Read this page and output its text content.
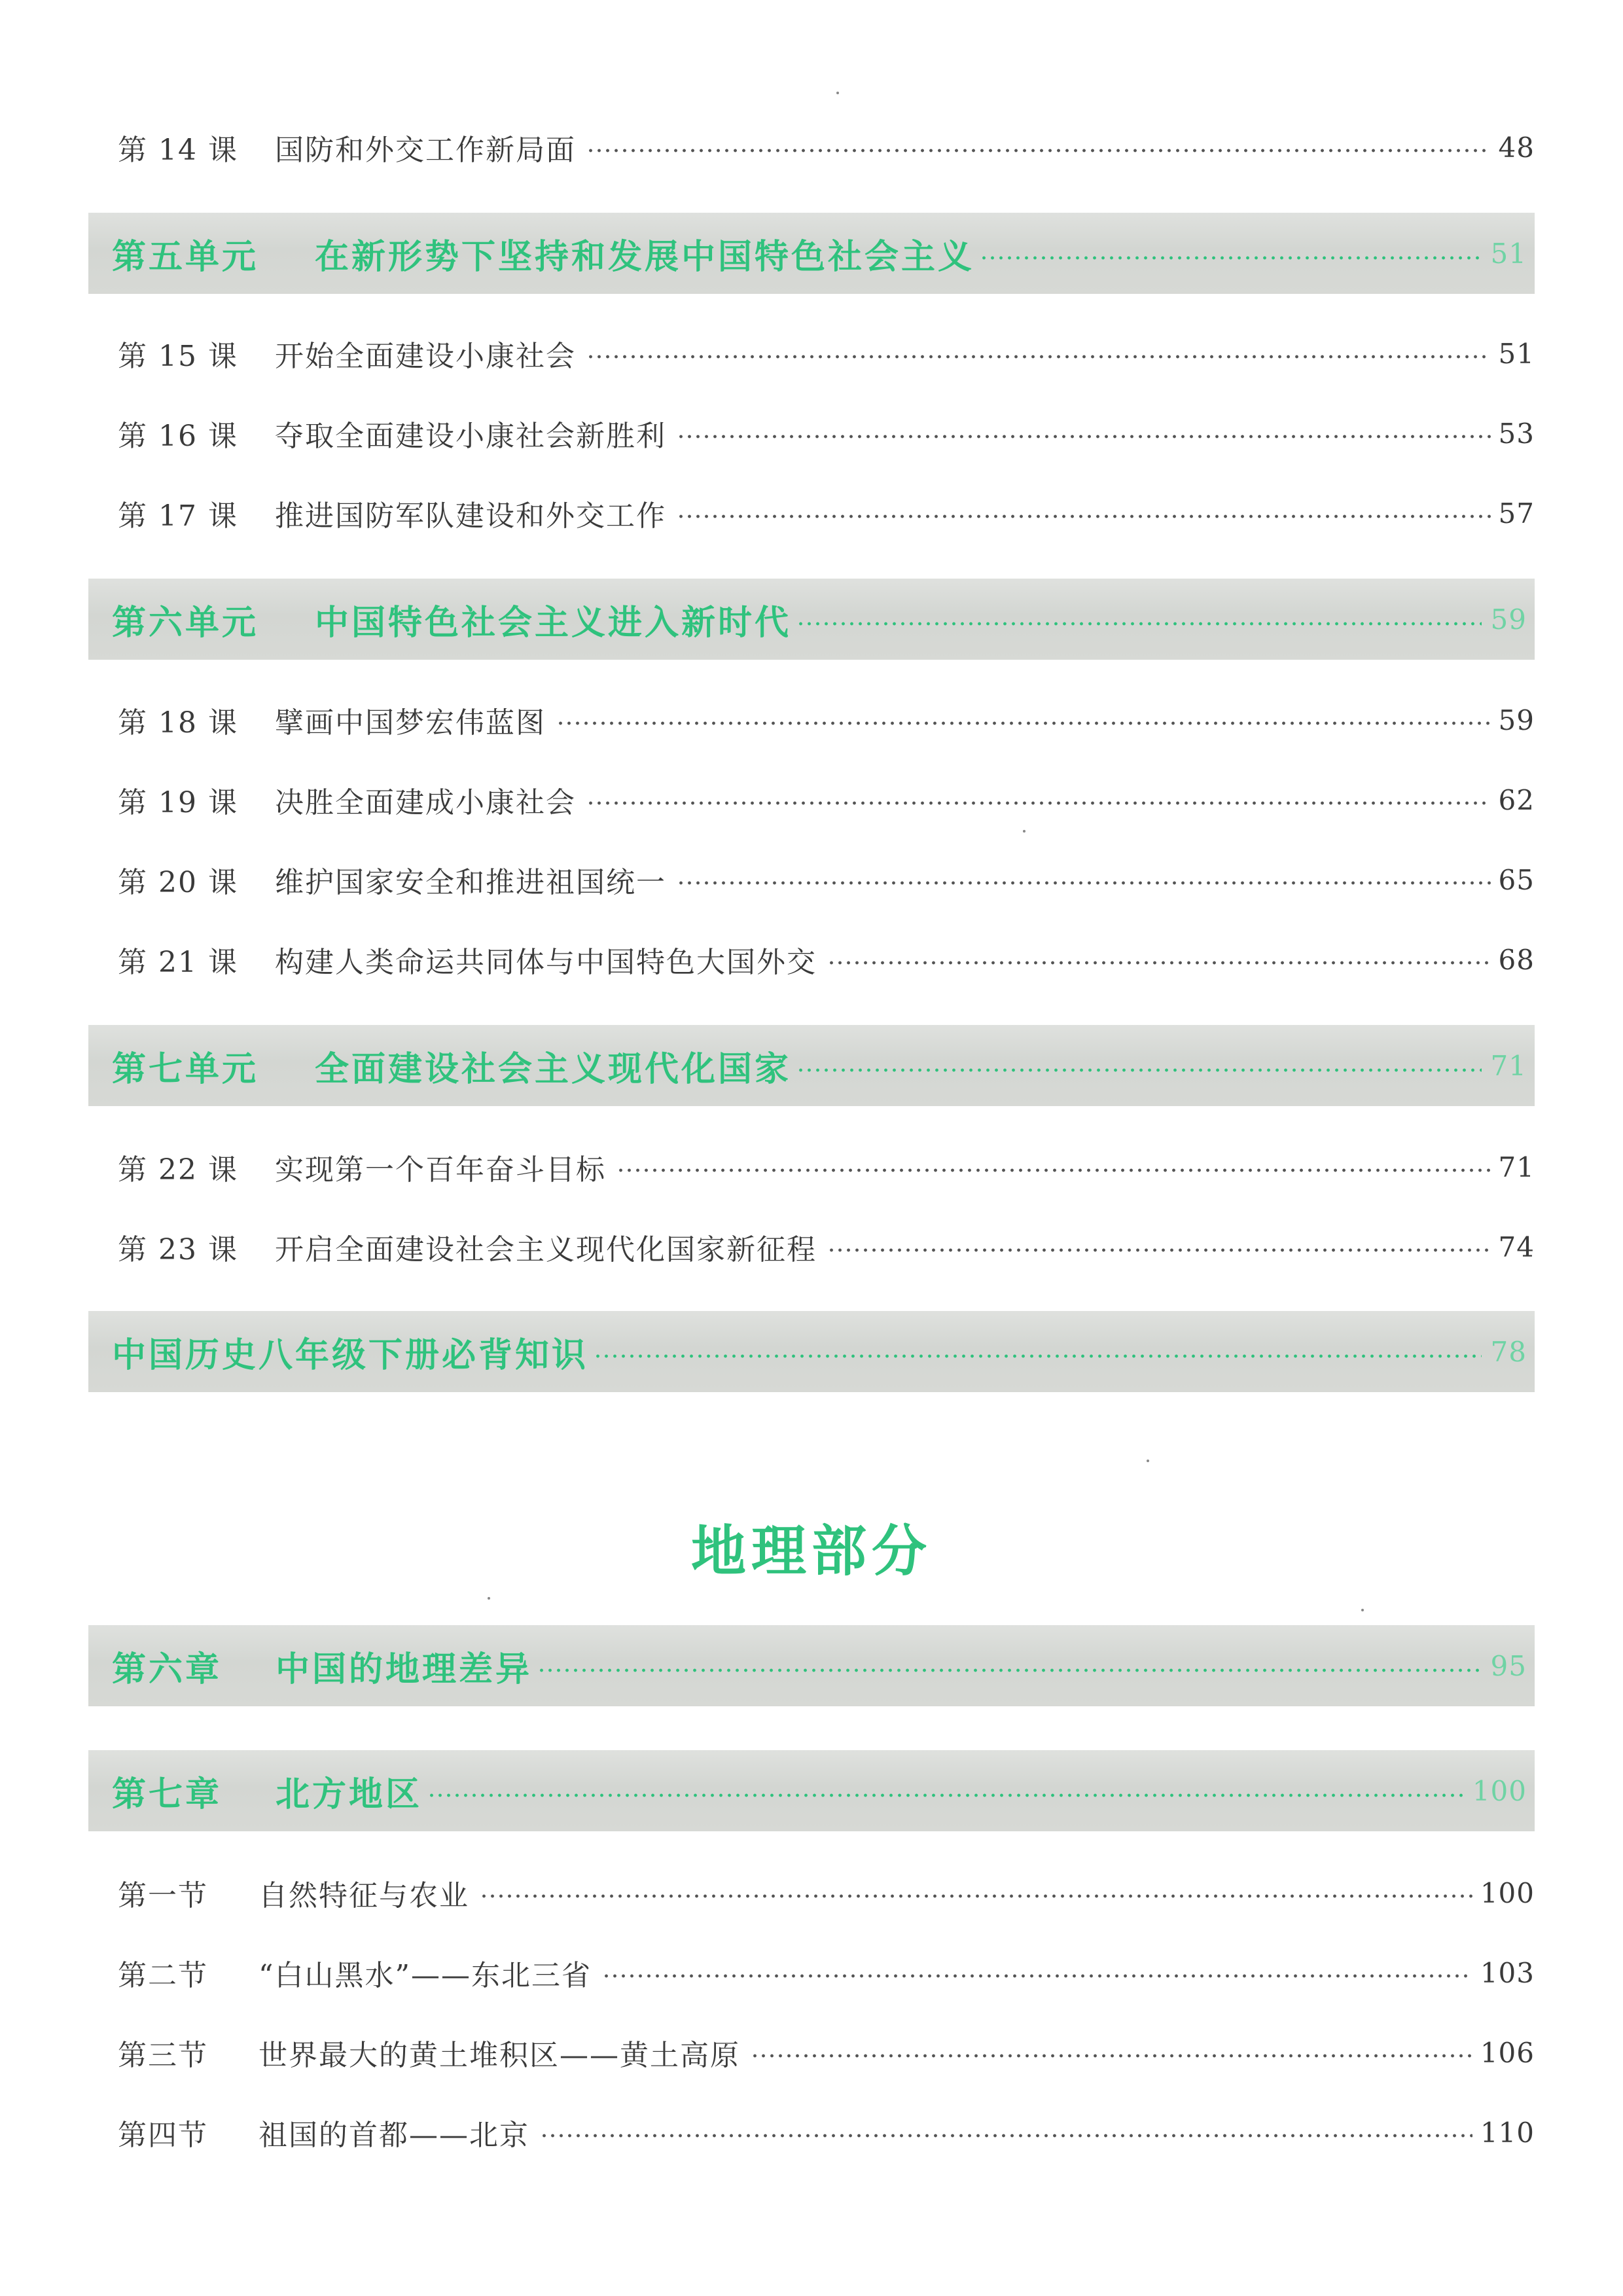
第 14 课	国防和外交工作新局面	48
第五单元	在新形势下坚持和发展中国特色社会主义	51
第 15 课	开始全面建设小康社会	51
第 16 课	夺取全面建设小康社会新胜利	53
第 17 课	推进国防军队建设和外交工作	57
第六单元	中国特色社会主义进入新时代	59
第 18 课	擘画中国梦宏伟蓝图	59
第 19 课	决胜全面建成小康社会	62
第 20 课	维护国家安全和推进祖国统一	65
第 21 课	构建人类命运共同体与中国特色大国外交	68
第七单元	全面建设社会主义现代化国家	71
第 22 课	实现第一个百年奋斗目标	71
第 23 课	开启全面建设社会主义现代化国家新征程	74
中国历史八年级下册必背知识	78
地理部分
第六章	中国的地理差异	95
第七章	北方地区	100
第一节	自然特征与农业	100
第二节	“白山黑水”——东北三省	103
第三节	世界最大的黄土堆积区——黄土高原	106
第四节	祖国的首都——北京	110
